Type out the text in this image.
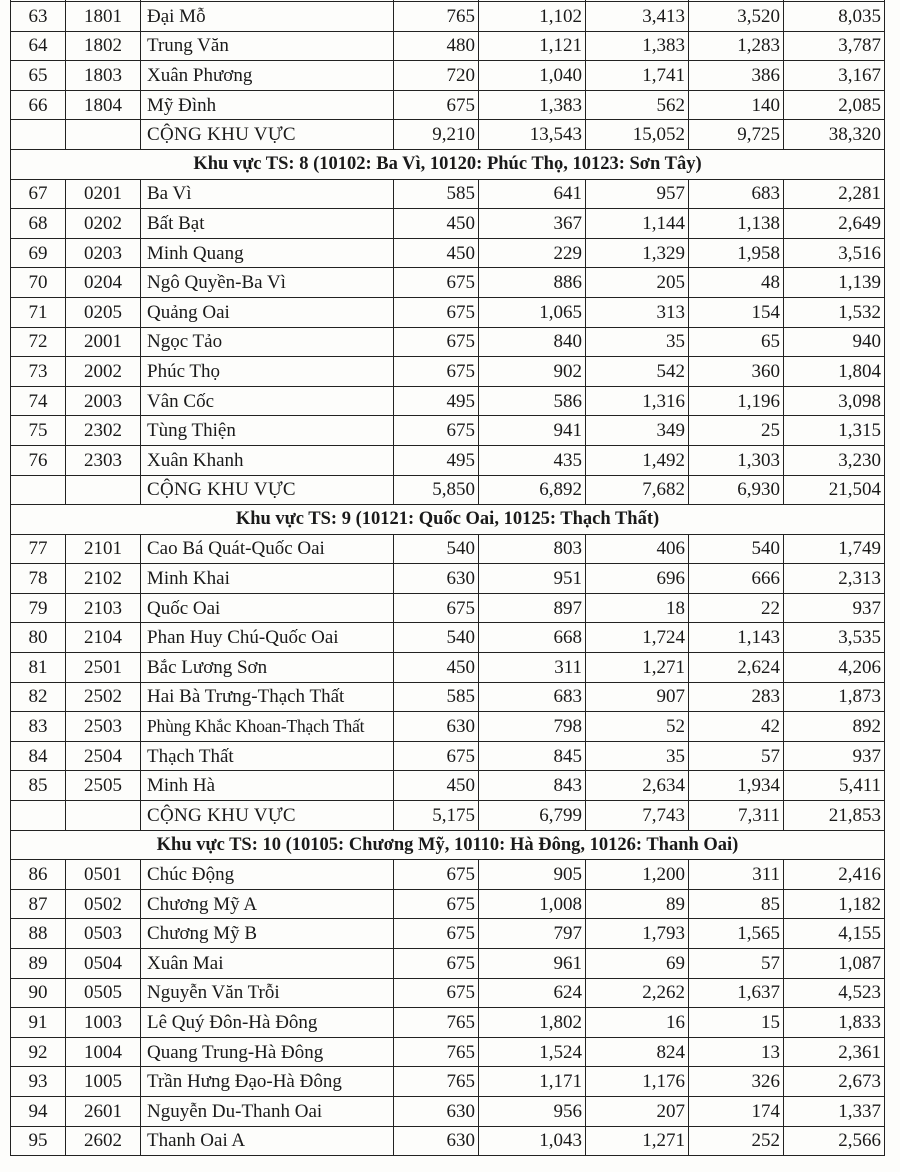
63	1801	Đại Mỗ	765	1,102	3,413	3,520	8,035
64	1802	Trung Văn	480	1,121	1,383	1,283	3,787
65	1803	Xuân Phương	720	1,040	1,741	386	3,167
66	1804	Mỹ Đình	675	1,383	562	140	2,085
		CỘNG KHU VỰC	9,210	13,543	15,052	9,725	38,320
Khu vực TS: 8 (10102: Ba Vì, 10120: Phúc Thọ, 10123: Sơn Tây)							
67	0201	Ba Vì	585	641	957	683	2,281
68	0202	Bất Bạt	450	367	1,144	1,138	2,649
69	0203	Minh Quang	450	229	1,329	1,958	3,516
70	0204	Ngô Quyền-Ba Vì	675	886	205	48	1,139
71	0205	Quảng Oai	675	1,065	313	154	1,532
72	2001	Ngọc Tảo	675	840	35	65	940
73	2002	Phúc Thọ	675	902	542	360	1,804
74	2003	Vân Cốc	495	586	1,316	1,196	3,098
75	2302	Tùng Thiện	675	941	349	25	1,315
76	2303	Xuân Khanh	495	435	1,492	1,303	3,230
		CỘNG KHU VỰC	5,850	6,892	7,682	6,930	21,504
Khu vực TS: 9 (10121: Quốc Oai, 10125: Thạch Thất)							
77	2101	Cao Bá Quát-Quốc Oai	540	803	406	540	1,749
78	2102	Minh Khai	630	951	696	666	2,313
79	2103	Quốc Oai	675	897	18	22	937
80	2104	Phan Huy Chú-Quốc Oai	540	668	1,724	1,143	3,535
81	2501	Bắc Lương Sơn	450	311	1,271	2,624	4,206
82	2502	Hai Bà Trưng-Thạch Thất	585	683	907	283	1,873
83	2503	Phùng Khắc Khoan-Thạch Thất	630	798	52	42	892
84	2504	Thạch Thất	675	845	35	57	937
85	2505	Minh Hà	450	843	2,634	1,934	5,411
		CỘNG KHU VỰC	5,175	6,799	7,743	7,311	21,853
Khu vực TS: 10 (10105: Chương Mỹ, 10110: Hà Đông, 10126: Thanh Oai)							
86	0501	Chúc Động	675	905	1,200	311	2,416
87	0502	Chương Mỹ A	675	1,008	89	85	1,182
88	0503	Chương Mỹ B	675	797	1,793	1,565	4,155
89	0504	Xuân Mai	675	961	69	57	1,087
90	0505	Nguyễn Văn Trỗi	675	624	2,262	1,637	4,523
91	1003	Lê Quý Đôn-Hà Đông	765	1,802	16	15	1,833
92	1004	Quang Trung-Hà Đông	765	1,524	824	13	2,361
93	1005	Trần Hưng Đạo-Hà Đông	765	1,171	1,176	326	2,673
94	2601	Nguyễn Du-Thanh Oai	630	956	207	174	1,337
95	2602	Thanh Oai A	630	1,043	1,271	252	2,566
